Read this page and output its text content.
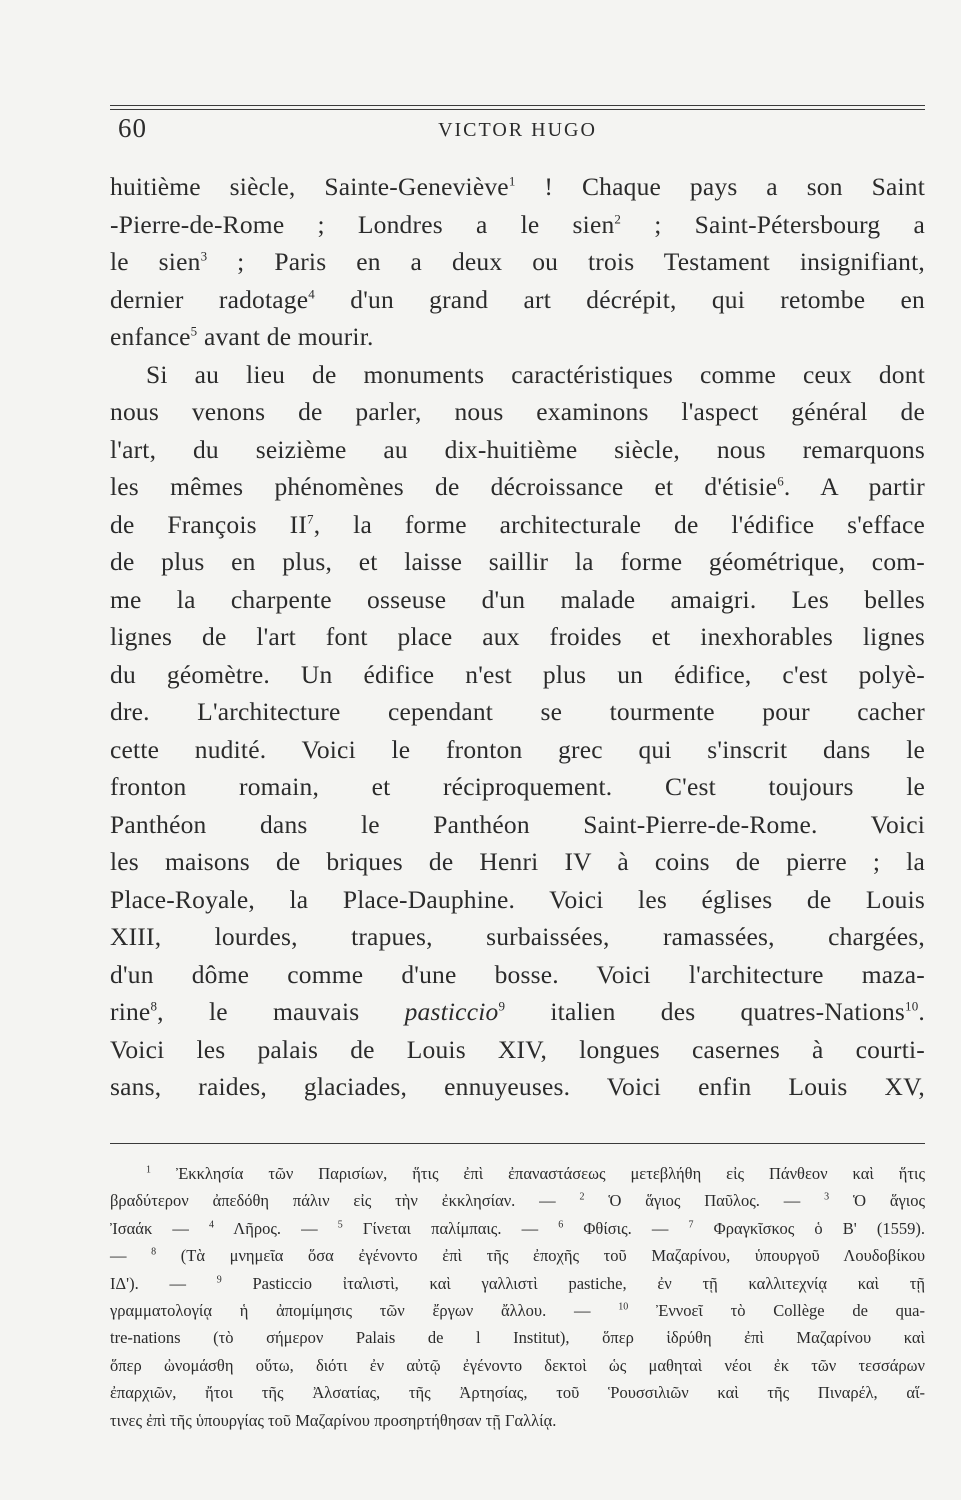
60	VICTOR HUGO
huitième siècle, Sainte-Geneviève$^1$ ! Chaque pays a son Saint
-Pierre-de-Rome ; Londres a le sien$^2$ ; Saint-Pétersbourg a
le sien$^3$ ; Paris en a deux ou trois Testament insignifiant,
dernier radotage$^4$ d'un grand art décrépit, qui retombe en
enfance$^5$ avant de mourir.
Si au lieu de monuments caractéristiques comme ceux dont
nous venons de parler, nous examinons l'aspect général de
l'art, du seizième au dix-huitième siècle, nous remarquons
les mêmes phénomènes de décroissance et d'étisie$^6$. A partir
de François $II^7$, la forme architecturale de l'édifice s'efface
de plus en plus, et laisse saillir la forme géométrique, com-
me la charpente osseuse d'un malade amaigri. Les belles
lignes de l'art font place aux froides et inexhorables lignes
du géomètre. Un édifice n'est plus un édifice, c'est polyè-
dre. L'architecture cependant se tourmente pour cacher
cette nudité. Voici le fronton grec qui s'inscrit dans le
fronton romain, et réciproquement. C'est toujours le
Panthéon dans le Panthéon Saint-Pierre-de-Rome. Voici
les maisons de briques de Henri IV à coins de pierre ; la
Place-Royale, la Place-Dauphine. Voici les églises de Louis
XIII, lourdes, trapues, surbaissées, ramassées, chargées,
d'un dôme comme d'une bosse. Voici l'architecture maza-
rine$^8$, le mauvais pasticcio$^9$ italien des quatres-Nations$^{10}$.
Voici les palais de Louis XIV, longues casernes à courti-
sans, raides, glaciades, ennuyeuses. Voici enfin Louis XV,
$^1$ Ἐκκλησία τῶν Παρισίων, ἥτις ἐπὶ ἐπαναστάσεως μετεβλήθη εἰς Πάνθεον καὶ ἥτις
βραδύτερον ἀπεδόθη πάλιν εἰς τὴν ἐκκλησίαν. — $^2$ Ὁ ἅγιος Παῦλος. — $^3$ Ὁ ἅγιος
Ἰσαάκ — $^4$ Λῆρος. — $^5$ Γίνεται παλίμπαις. — $^6$ Φθίσις. — $^7$ Φραγκῖσκος ὁ Β' (1559).
— $^8$ (Τὰ μνημεῖα ὅσα ἐγένοντο ἐπὶ τῆς ἐποχῆς τοῦ Μαζαρίνου, ὑπουργοῦ Λουδοβίκου
ΙΔ'). —	$^9$ Pasticcio ἰταλιστὶ, καὶ γαλλιστὶ pastiche, ἐν τῇ καλλιτεχνίᾳ καὶ τῇ
γραμματολογίᾳ ἡ ἀπομίμησις τῶν ἔργων ἄλλου. —	$^{10}$ Ἐννοεῖ τὸ Collège de qua-
tre-nations (τὸ σήμερον Palais de l Institut), ὅπερ ἱδρύθη ἐπὶ Μαζαρίνου καὶ
ὅπερ ὠνομάσθη οὕτω, διότι ἐν αὐτῷ ἐγένοντο δεκτοὶ ὡς μαθηταὶ νέοι ἐκ τῶν τεσσάρων
ἐπαρχιῶν, ἤτοι τῆς Ἀλσατίας, τῆς Ἀρτησίας, τοῦ Ῥουσσιλιῶν καὶ τῆς Πιναρέλ, αἵ-
τινες ἐπὶ τῆς ὑπουργίας τοῦ Μαζαρίνου προσηρτήθησαν τῇ Γαλλίᾳ.
